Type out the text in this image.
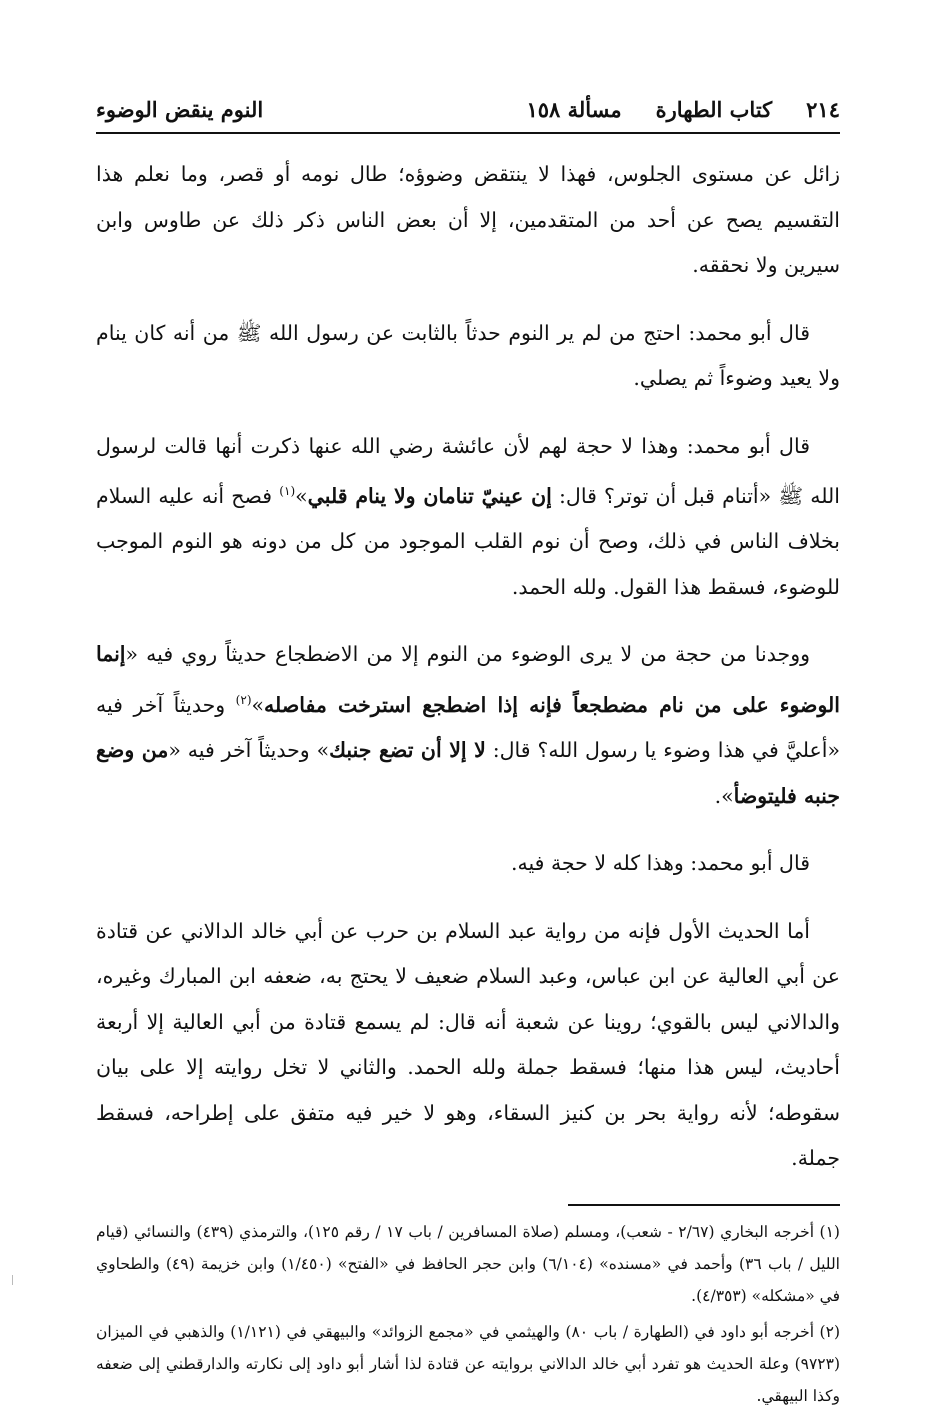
٢١٤
كتاب الطهارة
مسألة ١٥٨
النوم ينقض الوضوء

زائل عن مستوى الجلوس، فهذا لا ينتقض وضوؤه؛ طال نومه أو قصر، وما نعلم هذا التقسيم يصح عن أحد من المتقدمين، إلا أن بعض الناس ذكر ذلك عن طاوس وابن سيرين ولا نحققه.

قال أبو محمد: احتج من لم ير النوم حدثاً بالثابت عن رسول الله ﷺ من أنه كان ينام ولا يعيد وضوءاً ثم يصلي.

قال أبو محمد: وهذا لا حجة لهم لأن عائشة رضي الله عنها ذكرت أنها قالت لرسول الله ﷺ «أتنام قبل أن توتر؟ قال: إن عينيّ تنامان ولا ينام قلبي»$^{(١)}$ فصح أنه عليه السلام بخلاف الناس في ذلك، وصح أن نوم القلب الموجود من كل من دونه هو النوم الموجب للوضوء، فسقط هذا القول. ولله الحمد.

ووجدنا من حجة من لا يرى الوضوء من النوم إلا من الاضطجاع حديثاً روي فيه «إنما الوضوء على من نام مضطجعاً فإنه إذا اضطجع استرخت مفاصله»$^{(٢)}$ وحديثاً آخر فيه «أعليَّ في هذا وضوء يا رسول الله؟ قال: لا إلا أن تضع جنبك» وحديثاً آخر فيه «من وضع جنبه فليتوضأ».

قال أبو محمد: وهذا كله لا حجة فيه.

أما الحديث الأول فإنه من رواية عبد السلام بن حرب عن أبي خالد الدالاني عن قتادة عن أبي العالية عن ابن عباس، وعبد السلام ضعيف لا يحتج به، ضعفه ابن المبارك وغيره، والدالاني ليس بالقوي؛ روينا عن شعبة أنه قال: لم يسمع قتادة من أبي العالية إلا أربعة أحاديث، ليس هذا منها؛ فسقط جملة ولله الحمد. والثاني لا تخل روايته إلا على بيان سقوطه؛ لأنه رواية بحر بن كنيز السقاء، وهو لا خير فيه متفق على إطراحه، فسقط جملة.

(١) أخرجه البخاري (٢/٦٧ - شعب)، ومسلم (صلاة المسافرين / باب ١٧ / رقم ١٢٥)، والترمذي (٤٣٩) والنسائي (قيام الليل / باب ٣٦) وأحمد في «مسنده» (٦/١٠٤) وابن حجر الحافظ في «الفتح» (١/٤٥٠) وابن خزيمة (٤٩) والطحاوي في «مشكله» (٤/٣٥٣).

(٢) أخرجه أبو داود في (الطهارة / باب ٨٠) والهيثمي في «مجمع الزوائد» والبيهقي في (١/١٢١) والذهبي في الميزان (٩٧٢٣) وعلة الحديث هو تفرد أبي خالد الدالاني بروايته عن قتادة لذا أشار أبو داود إلى نكارته والدارقطني إلى ضعفه وكذا البيهقي.
